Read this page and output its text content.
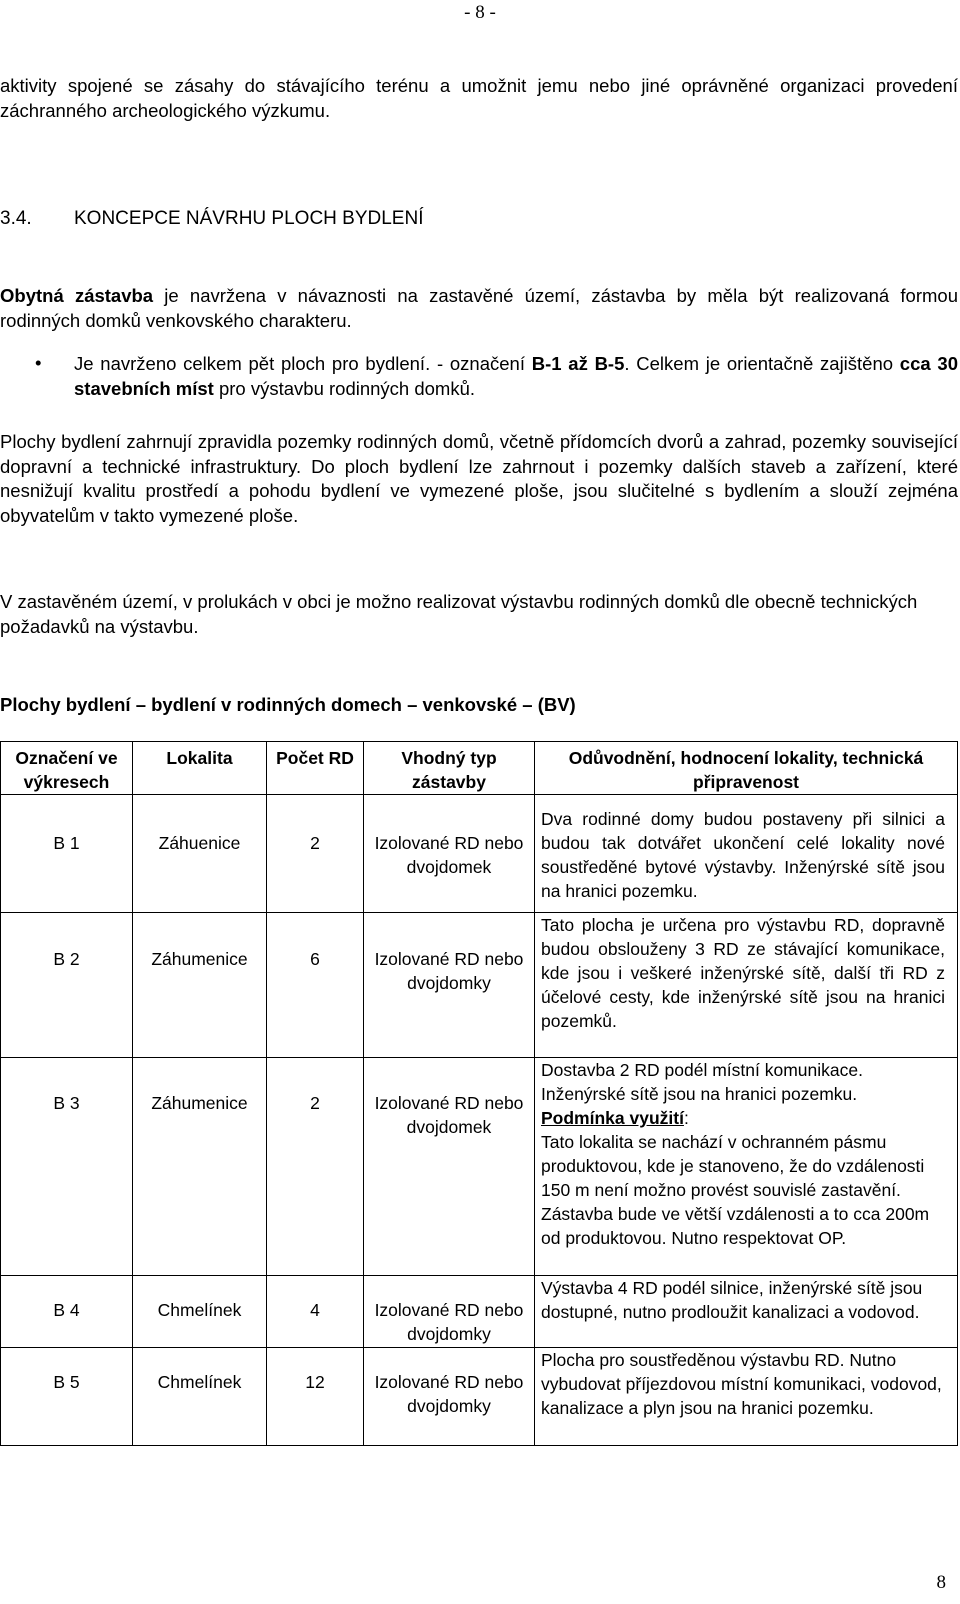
- 8 -

aktivity spojené se zásahy do stávajícího terénu a umožnit jemu nebo jiné oprávněné organizaci provedení záchranného archeologického výzkumu.

3.4. KONCEPCE NÁVRHU PLOCH BYDLENÍ

Obytná zástavba je navržena v návaznosti na zastavěné území, zástavba by měla být realizovaná formou rodinných domků venkovského charakteru.

• Je navrženo celkem pět ploch pro bydlení. - označení B-1 až B-5. Celkem je orientačně zajištěno cca 30 stavebních míst pro výstavbu rodinných domků.

Plochy bydlení zahrnují zpravidla pozemky rodinných domů, včetně přídomcích dvorů a zahrad, pozemky související dopravní a technické infrastruktury. Do ploch bydlení lze zahrnout i pozemky dalších staveb a zařízení, které nesnižují kvalitu prostředí a pohodu bydlení ve vymezené ploše, jsou slučitelné s bydlením a slouží zejména obyvatelům v takto vymezené ploše.

V zastavěném území, v prolukách v obci je možno realizovat výstavbu rodinných domků dle obecně technických požadavků na výstavbu.

Plochy bydlení – bydlení v rodinných domech – venkovské – (BV)
Označení ve výkresech	Lokalita	Počet RD	Vhodný typ zástavby	Odůvodnění, hodnocení lokality, technická připravenost
B 1	Záhuenice	2	Izolované RD nebo dvojdomek	Dva rodinné domy budou postaveny při silnici a budou tak dotvářet ukončení celé lokality nové soustředěné bytové výstavby. Inženýrské sítě jsou na hranici pozemku.
B 2	Záhumenice	6	Izolované RD nebo dvojdomky	Tato plocha je určena pro výstavbu RD, dopravně budou obslouženy 3 RD ze stávající komunikace, kde jsou i veškeré inženýrské sítě, další tři RD z účelové cesty, kde inženýrské sítě jsou na hranici pozemků.
B 3	Záhumenice	2	Izolované RD nebo dvojdomek	Dostavba 2 RD podél místní komunikace. Inženýrské sítě jsou na hranici pozemku.
Podmínka využití:
Tato lokalita se nachází v ochranném pásmu produktovou, kde je stanoveno, že do vzdálenosti 150 m není možno provést souvislé zastavění. Zástavba bude ve větší vzdálenosti a to cca 200m od produktovou. Nutno respektovat OP.

B 4	Chmelínek	4	Izolované RD nebo dvojdomky	Výstavba 4 RD podél silnice, inženýrské sítě jsou dostupné, nutno prodloužit kanalizaci a vodovod.
B 5	Chmelínek	12	Izolované RD nebo dvojdomky	Plocha pro soustředěnou výstavbu RD. Nutno vybudovat příjezdovou místní komunikaci, vodovod, kanalizace a plyn jsou na hranici pozemku.
8
